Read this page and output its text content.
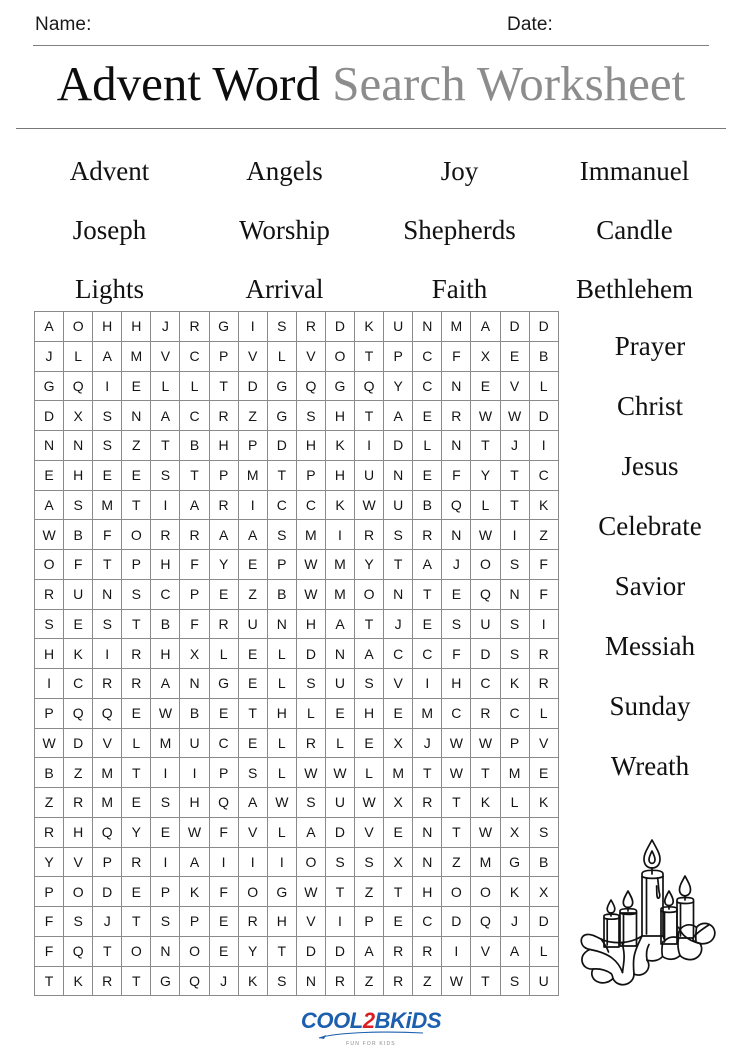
Name:	Date:
Advent Word Search Worksheet
Advent	Angels	Joy	Immanuel
Joseph	Worship	Shepherds	Candle
Lights	Arrival	Faith	Bethlehem
Prayer
Christ
Jesus
Celebrate
Savior
Messiah
Sunday
Wreath
A	O	H	H	J	R	G	I	S	R	D	K	U	N	M	A	D	D
J	L	A	M	V	C	P	V	L	V	O	T	P	C	F	X	E	B
G	Q	I	E	L	L	T	D	G	Q	G	Q	Y	C	N	E	V	L
D	X	S	N	A	C	R	Z	G	S	H	T	A	E	R	W	W	D
N	N	S	Z	T	B	H	P	D	H	K	I	D	L	N	T	J	I
E	H	E	E	S	T	P	M	T	P	H	U	N	E	F	Y	T	C
A	S	M	T	I	A	R	I	C	C	K	W	U	B	Q	L	T	K
W	B	F	O	R	R	A	A	S	M	I	R	S	R	N	W	I	Z
O	F	T	P	H	F	Y	E	P	W	M	Y	T	A	J	O	S	F
R	U	N	S	C	P	E	Z	B	W	M	O	N	T	E	Q	N	F
S	E	S	T	B	F	R	U	N	H	A	T	J	E	S	U	S	I
H	K	I	R	H	X	L	E	L	D	N	A	C	C	F	D	S	R
I	C	R	R	A	N	G	E	L	S	U	S	V	I	H	C	K	R
P	Q	Q	E	W	B	E	T	H	L	E	H	E	M	C	R	C	L
W	D	V	L	M	U	C	E	L	R	L	E	X	J	W	W	P	V
B	Z	M	T	I	I	P	S	L	W	W	L	M	T	W	T	M	E
Z	R	M	E	S	H	Q	A	W	S	U	W	X	R	T	K	L	K
R	H	Q	Y	E	W	F	V	L	A	D	V	E	N	T	W	X	S
Y	V	P	R	I	A	I	I	I	O	S	S	X	N	Z	M	G	B
P	O	D	E	P	K	F	O	G	W	T	Z	T	H	O	O	K	X
F	S	J	T	S	P	E	R	H	V	I	P	E	C	D	Q	J	D
F	Q	T	O	N	O	E	Y	T	D	D	A	R	R	I	V	A	L
T	K	R	T	G	Q	J	K	S	N	R	Z	R	Z	W	T	S	U
COOL2BKiDS
FUN FOR KIDS
